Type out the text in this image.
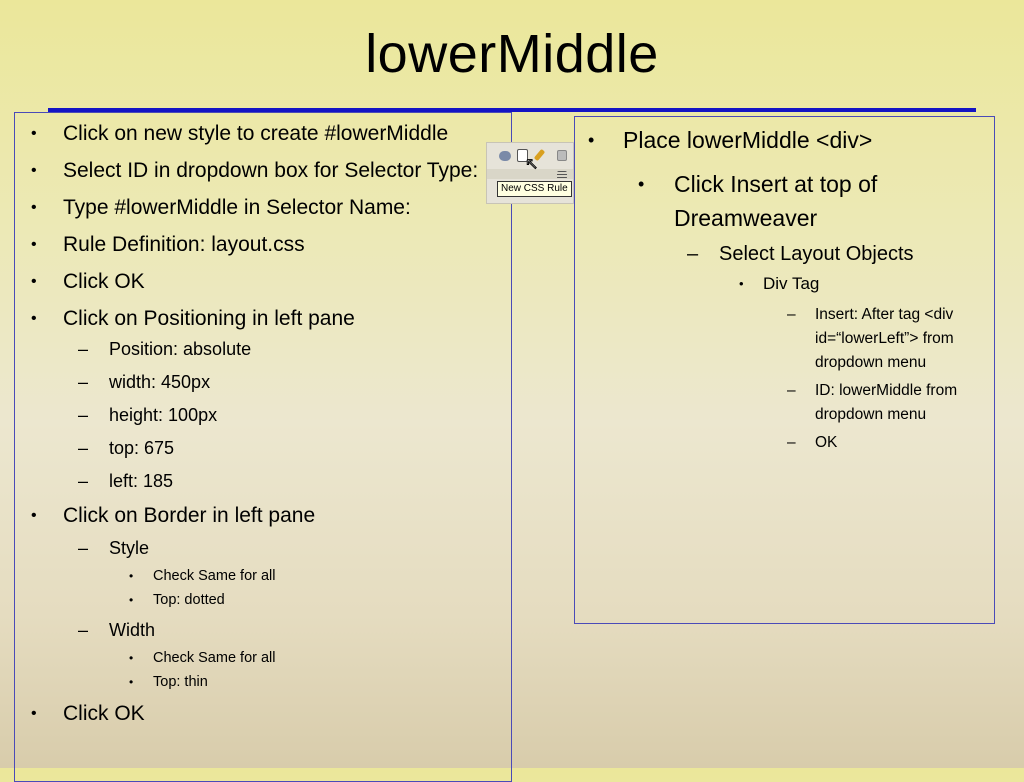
lowerMiddle
• Click on new style to create #lowerMiddle
• Select ID in dropdown box for Selector Type:
• Type #lowerMiddle in Selector Name:
• Rule Definition: layout.css
• Click OK
• Click on Positioning in left pane
– Position: absolute
– width: 450px
– height: 100px
– top: 675
– left: 185
• Click on Border in left pane
– Style
• Check Same for all
• Top: dotted
– Width
• Check Same for all
• Top: thin
• Click OK
↖
New CSS Rule
• Place lowerMiddle <div>
• Click Insert at top of Dreamweaver
– Select Layout Objects
• Div Tag
– Insert: After tag <div id=“lowerLeft”> from dropdown menu
– ID: lowerMiddle from dropdown menu
– OK
